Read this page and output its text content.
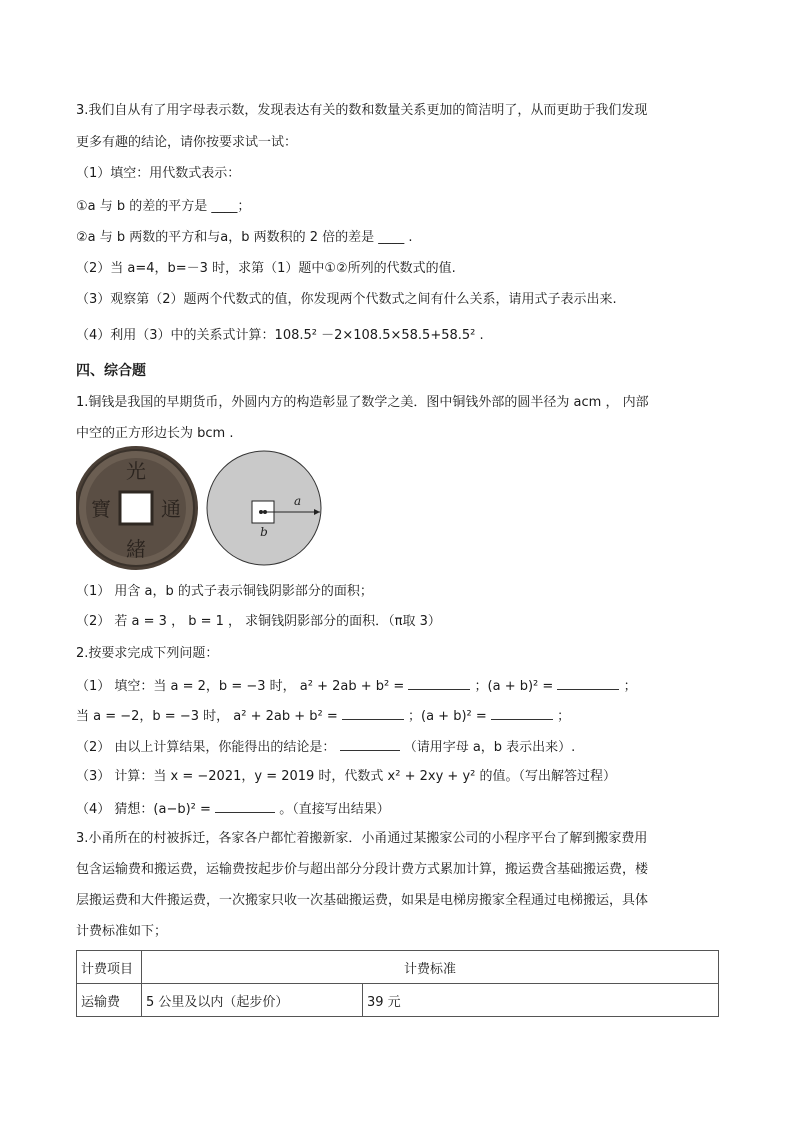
3.我们自从有了用字母表示数，发现表达有关的数和数量关系更加的简洁明了，从而更助于我们发现
更多有趣的结论，请你按要求试一试：
（1）填空：用代数式表示：
①a 与 b 的差的平方是 ____；
②a 与 b 两数的平方和与a，b 两数积的 2 倍的差是 ____ .
（2）当 a=4，b=－3 时，求第（1）题中①②所列的代数式的值.
（3）观察第（2）题两个代数式的值，你发现两个代数式之间有什么关系，请用式子表示出来.
（4）利用（3）中的关系式计算：108.5² －2×108.5×58.5+58.5² .
四、综合题
1.铜钱是我国的早期货币，外圆内方的构造彰显了数学之美．图中铜钱外部的圆半径为 acm ， 内部
中空的正方形边长为 bcm .
光
通
寶
緒
a
b
（1） 用含 a，b 的式子表示铜钱阴影部分的面积；
（2） 若 a = 3 ， b = 1 ， 求铜钱阴影部分的面积．（π取 3）
2.按要求完成下列问题：
（1） 填空：当 a = 2，b = −3 时， a² + 2ab + b² =	；(a + b)² =	；
当 a = −2，b = −3 时， a² + 2ab + b² =	；(a + b)² =	；
（2） 由以上计算结果，你能得出的结论是：	（请用字母 a，b 表示出来）.
（3） 计算：当 x = −2021，y = 2019 时，代数式 x² + 2xy + y² 的值。（写出解答过程）
（4） 猜想：(a−b)² =	。（直接写出结果）
3.小甬所在的村被拆迁，各家各户都忙着搬新家．小甬通过某搬家公司的小程序平台了解到搬家费用
包含运输费和搬运费，运输费按起步价与超出部分分段计费方式累加计算，搬运费含基础搬运费，楼
层搬运费和大件搬运费，一次搬家只收一次基础搬运费，如果是电梯房搬家全程通过电梯搬运，具体
计费标准如下；
计费项目	计费标准	
运输费	5 公里及以内（起步价）	39 元
